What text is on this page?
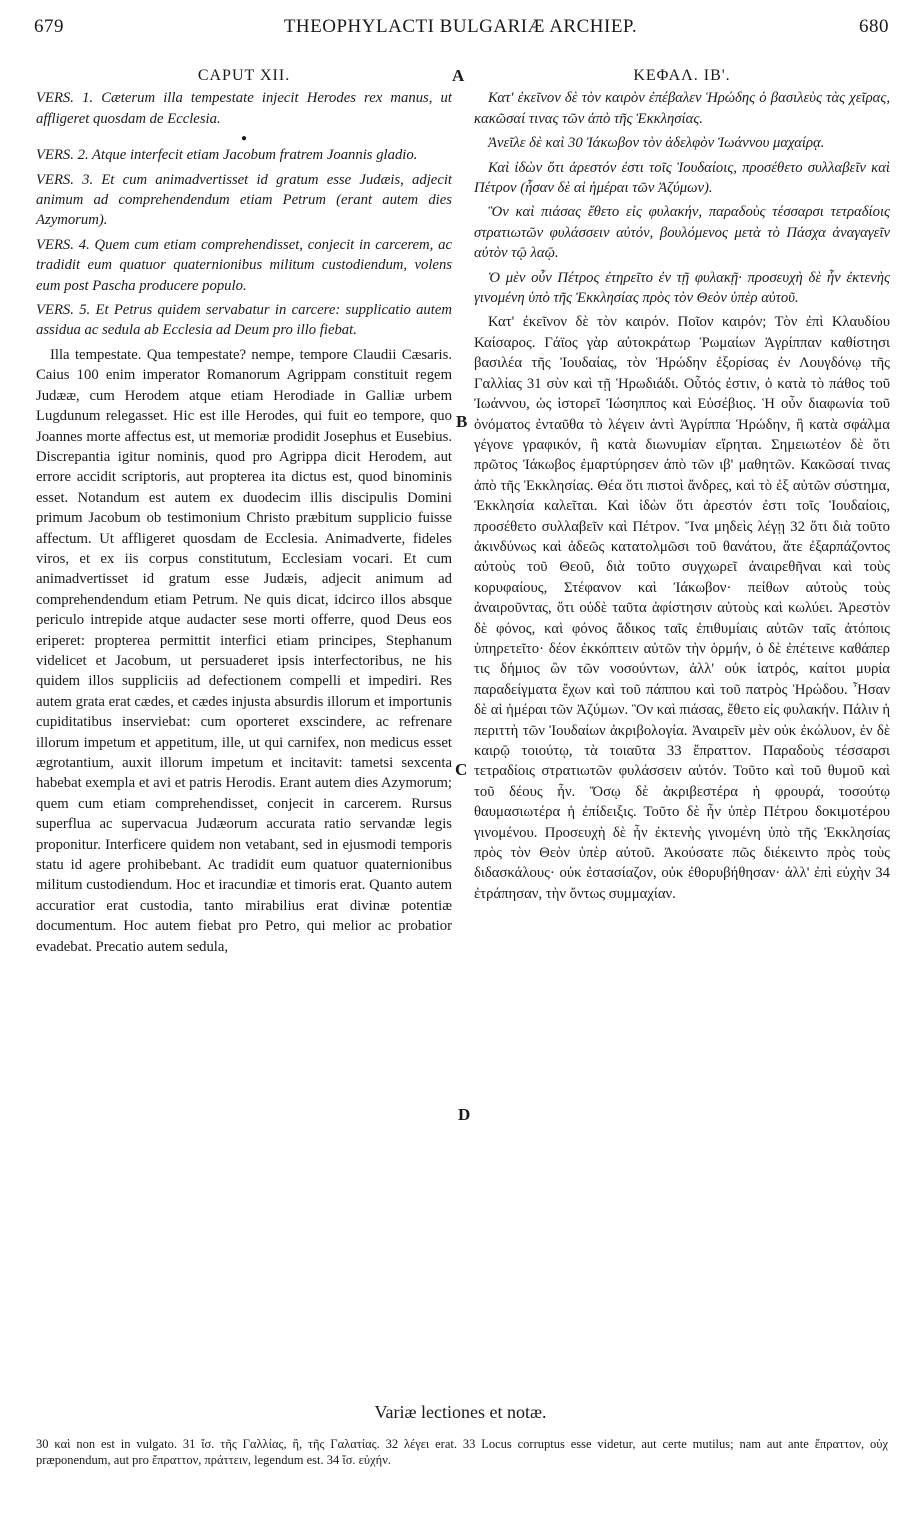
679	THEOPHYLACTI BULGARIÆ ARCHIEP.	680
A
B
C
D
CAPUT XII.

VERS. 1. Cæterum illa tempestate injecit Herodes rex manus, ut affligeret quosdam de Ecclesia.

●

VERS. 2. Atque interfecit etiam Jacobum fratrem Joannis gladio.

VERS. 3. Et cum animadvertisset id gratum esse Judæis, adjecit animum ad comprehendendum etiam Petrum (erant autem dies Azymorum).

VERS. 4. Quem cum etiam comprehendisset, conjecit in carcerem, ac tradidit eum quatuor quaternionibus militum custodiendum, volens eum post Pascha producere populo.

VERS. 5. Et Petrus quidem servabatur in carcere: supplicatio autem assidua ac sedula ab Ecclesia ad Deum pro illo fiebat.

Illa tempestate. Qua tempestate? nempe, tempore Claudii Cæsaris. Caius 100 enim imperator Romanorum Agrippam constituit regem Judææ, cum Herodem atque etiam Herodiade in Galliæ urbem Lugdunum relegasset. Hic est ille Herodes, qui fuit eo tempore, quo Joannes morte affectus est, ut memoriæ prodidit Josephus et Eusebius. Discrepantia igitur nominis, quod pro Agrippa dicit Herodem, aut errore accidit scriptoris, aut propterea ita dictus est, quod binominis esset. Notandum est autem ex duodecim illis discipulis Domini primum Jacobum ob testimonium Christo præbitum supplicio fuisse affectum. Ut affligeret quosdam de Ecclesia. Animadverte, fideles viros, et ex iis corpus constitutum, Ecclesiam vocari. Et cum animadvertisset id gratum esse Judæis, adjecit animum ad comprehendendum etiam Petrum. Ne quis dicat, idcirco illos absque periculo intrepide atque audacter sese morti offerre, quod Deus eos eriperet: propterea permittit interfici etiam principes, Stephanum videlicet et Jacobum, ut persuaderet ipsis interfectoribus, ne his quidem illos suppliciis ad defectionem compelli et impediri. Res autem grata erat cædes, et cædes injusta absurdis illorum et importunis cupiditatibus inserviebat: cum oporteret exscindere, ac refrenare illorum impetum et appetitum, ille, ut qui carnifex, non medicus esset ægrotantium, auxit illorum impetum et incitavit: tametsi sexcenta habebat exempla et avi et patris Herodis. Erant autem dies Azymorum; quem cum etiam comprehendisset, conjecit in carcerem. Rursus superflua ac supervacua Judæorum accurata ratio servandæ legis proponitur. Interficere quidem non vetabant, sed in ejusmodi temporis statu id agere prohibebant. Ac tradidit eum quatuor quaternionibus militum custodiendum. Hoc et iracundiæ et timoris erat. Quanto autem accuratior erat custodia, tanto mirabilius erat divinæ potentiæ documentum. Hoc autem fiebat pro Petro, qui melior ac probatior evadebat. Precatio autem sedula,

ΚΕΦΑΛ. ΙΒ'.

Κατ' ἐκεῖνον δὲ τὸν καιρὸν ἐπέβαλεν Ἡρώδης ὁ βασιλεὺς τὰς χεῖρας, κακῶσαί τινας τῶν ἀπὸ τῆς Ἐκκλησίας.

Ἀνεῖλε δὲ καὶ 30 Ἰάκωβον τὸν ἀδελφὸν Ἰωάννου μαχαίρᾳ.

Καὶ ἰδὼν ὅτι ἀρεστόν ἐστι τοῖς Ἰουδαίοις, προσέθετο συλλαβεῖν καὶ Πέτρον (ἦσαν δὲ αἱ ἡμέραι τῶν Ἀζύμων).

Ὃν καὶ πιάσας ἔθετο εἰς φυλακήν, παραδοὺς τέσσαρσι τετραδίοις στρατιωτῶν φυλάσσειν αὐτόν, βουλόμενος μετὰ τὸ Πάσχα ἀναγαγεῖν αὐτὸν τῷ λαῷ.

Ὁ μὲν οὖν Πέτρος ἐτηρεῖτο ἐν τῇ φυλακῇ· προσευχὴ δὲ ἦν ἐκτενὴς γινομένη ὑπὸ τῆς Ἐκκλησίας πρὸς τὸν Θεὸν ὑπὲρ αὐτοῦ.

Κατ' ἐκεῖνον δὲ τὸν καιρόν. Ποῖον καιρόν; Τὸν ἐπὶ Κλαυδίου Καίσαρος. Γάϊος γὰρ αὐτοκράτωρ Ῥωμαίων Ἀγρίππαν καθίστησι βασιλέα τῆς Ἰουδαίας, τὸν Ἡρώδην ἐξορίσας ἐν Λουγδόνῳ τῆς Γαλλίας 31 σὺν καὶ τῇ Ἡρωδιάδι. Οὗτός ἐστιν, ὁ κατὰ τὸ πάθος τοῦ Ἰωάννου, ὡς ἱστορεῖ Ἰώσηππος καὶ Εὐσέβιος. Ἡ οὖν διαφωνία τοῦ ὀνόματος ἐνταῦθα τὸ λέγειν ἀντὶ Ἀγρίππα Ἡρώδην, ἢ κατὰ σφάλμα γέγονε γραφικόν, ἢ κατὰ διωνυμίαν εἴρηται. Σημειωτέον δὲ ὅτι πρῶτος Ἰάκωβος ἐμαρτύρησεν ἀπὸ τῶν ιβ' μαθητῶν. Κακῶσαί τινας ἀπὸ τῆς Ἐκκλησίας. Θέα ὅτι πιστοὶ ἄνδρες, καὶ τὸ ἐξ αὐτῶν σύστημα, Ἐκκλησία καλεῖται. Καὶ ἰδὼν ὅτι ἀρεστόν ἐστι τοῖς Ἰουδαίοις, προσέθετο συλλαβεῖν καὶ Πέτρον. Ἵνα μηδεὶς λέγῃ 32 ὅτι διὰ τοῦτο ἀκινδύνως καὶ ἀδεῶς κατατολμῶσι τοῦ θανάτου, ἅτε ἐξαρπάζοντος αὐτοὺς τοῦ Θεοῦ, διὰ τοῦτο συγχωρεῖ ἀναιρεθῆναι καὶ τοὺς κορυφαίους, Στέφανον καὶ Ἰάκωβον· πείθων αὐτοὺς τοὺς ἀναιροῦντας, ὅτι οὐδὲ ταῦτα ἀφίστησιν αὐτοὺς καὶ κωλύει. Ἀρεστὸν δὲ φόνος, καὶ φόνος ἄδικος ταῖς ἐπιθυμίαις αὐτῶν ταῖς ἀτόποις ὑπηρετεῖτο· δέον ἐκκόπτειν αὐτῶν τὴν ὁρμήν, ὁ δὲ ἐπέτεινε καθάπερ τις δήμιος ὢν τῶν νοσούντων, ἀλλ' οὐκ ἰατρός, καίτοι μυρία παραδείγματα ἔχων καὶ τοῦ πάππου καὶ τοῦ πατρὸς Ἡρώδου. Ἦσαν δὲ αἱ ἡμέραι τῶν Ἀζύμων. Ὃν καὶ πιάσας, ἔθετο εἰς φυλακήν. Πάλιν ἡ περιττὴ τῶν Ἰουδαίων ἀκριβολογία. Ἀναιρεῖν μὲν οὐκ ἐκώλυον, ἐν δὲ καιρῷ τοιούτῳ, τὰ τοιαῦτα 33 ἔπραττον. Παραδοὺς τέσσαρσι τετραδίοις στρατιωτῶν φυλάσσειν αὐτόν. Τοῦτο καὶ τοῦ θυμοῦ καὶ τοῦ δέους ἦν. Ὅσῳ δὲ ἀκριβεστέρα ἡ φρουρά, τοσούτῳ θαυμασιωτέρα ἡ ἐπίδειξις. Τοῦτο δὲ ἦν ὑπὲρ Πέτρου δοκιμοτέρου γινομένου. Προσευχὴ δὲ ἦν ἐκτενὴς γινομένη ὑπὸ τῆς Ἐκκλησίας πρὸς τὸν Θεὸν ὑπὲρ αὐτοῦ. Ἀκούσατε πῶς διέκειντο πρὸς τοὺς διδασκάλους· οὐκ ἐστασίαζον, οὐκ ἐθορυβήθησαν· ἀλλ' ἐπὶ εὐχὴν 34 ἐτράπησαν, τὴν ὄντως συμμαχίαν.

Variæ lectiones et notæ.
30 καὶ non est in vulgato. 31 ἴσ. τῆς Γαλλίας, ἢ, τῆς Γαλατίας. 32 λέγει erat. 33 Locus corruptus esse videtur, aut certe mutilus; nam aut ante ἔπραττον, οὐχ præponendum, aut pro ἔπραττον, πράττειν, legendum est. 34 ἴσ. εὐχήν.
